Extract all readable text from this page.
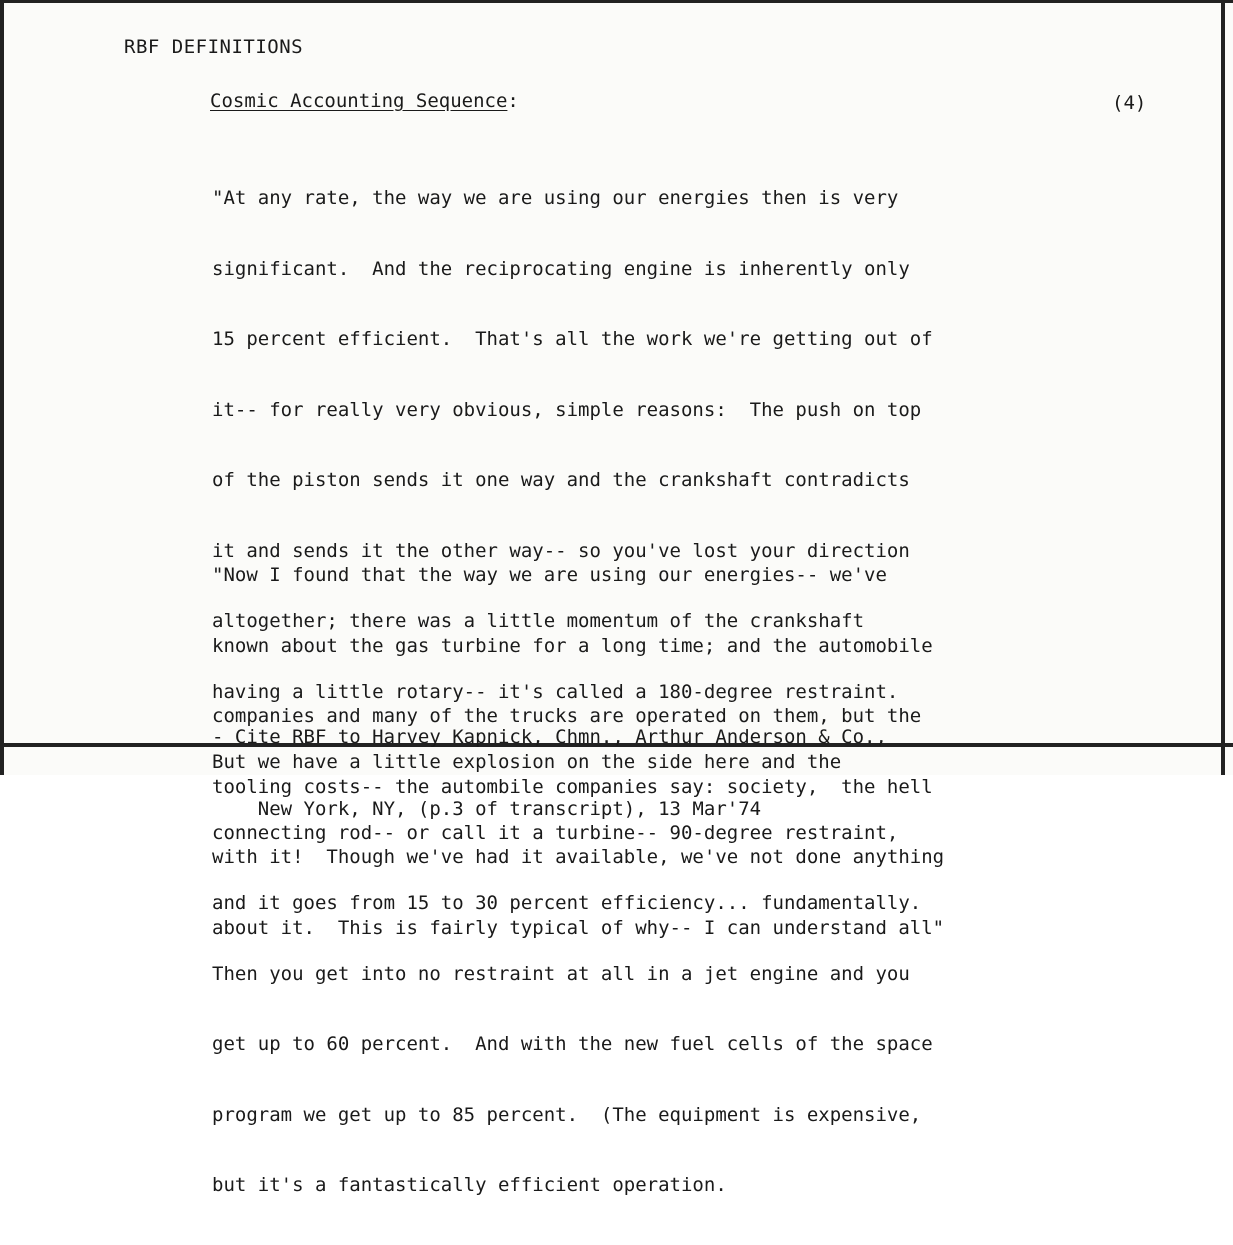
RBF DEFINITIONS
Cosmic Accounting Sequence:	(4)

"At any rate, the way we are using our energies then is very

significant.  And the reciprocating engine is inherently only

15 percent efficient.  That's all the work we're getting out of

it-- for really very obvious, simple reasons:  The push on top

of the piston sends it one way and the crankshaft contradicts

it and sends it the other way-- so you've lost your direction

altogether; there was a little momentum of the crankshaft

having a little rotary-- it's called a 180-degree restraint.

But we have a little explosion on the side here and the

connecting rod-- or call it a turbine-- 90-degree restraint,

and it goes from 15 to 30 percent efficiency... fundamentally.

Then you get into no restraint at all in a jet engine and you

get up to 60 percent.  And with the new fuel cells of the space

program we get up to 85 percent.  (The equipment is expensive,

but it's a fantastically efficient operation.

"Now I found that the way we are using our energies-- we've

known about the gas turbine for a long time; and the automobile

companies and many of the trucks are operated on them, but the

tooling costs-- the autombile companies say: society,  the hell

with it!  Though we've had it available, we've not done anything

about it.  This is fairly typical of why-- I can understand all"

- Cite RBF to Harvey Kapnick, Chmn., Arthur Anderson & Co.,

New York, NY, (p.3 of transcript), 13 Mar'74
